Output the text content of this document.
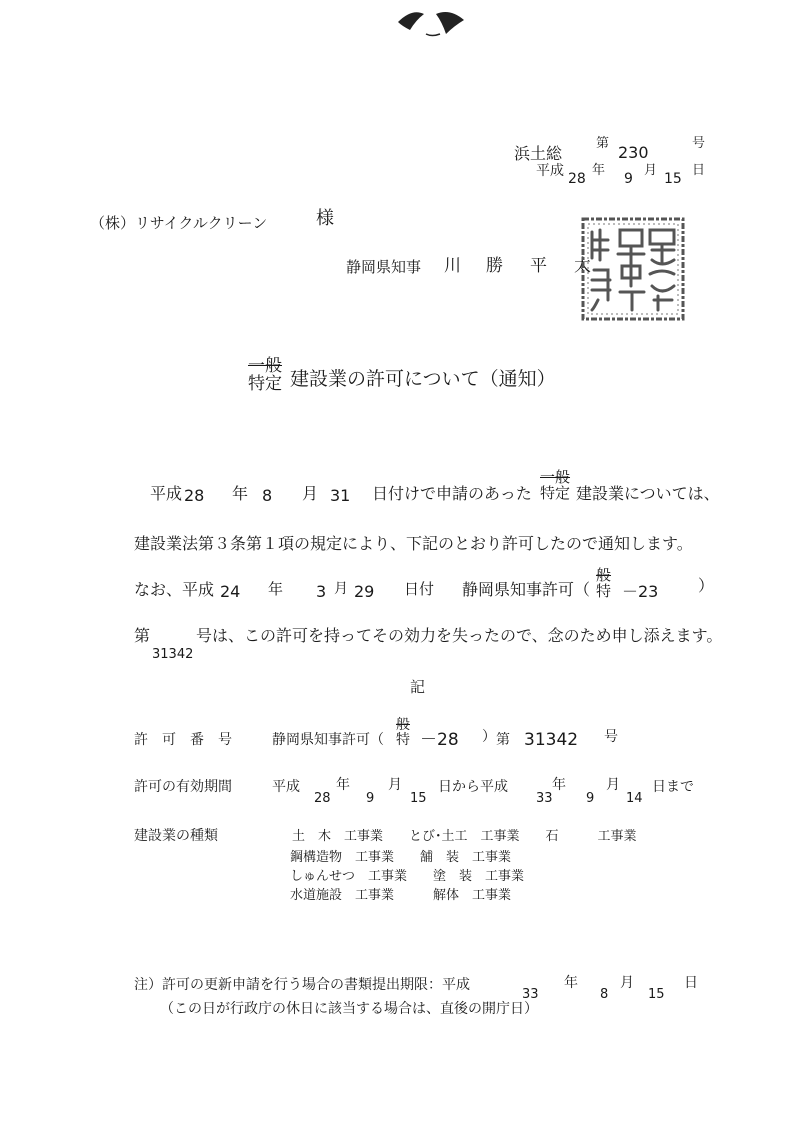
浜土総
第 230	号
平成 28
年
9
月
15
日
（株）リサイクルクリーン	様
静岡県知事 川 勝 平 太
一般
特定 建設業の許可について（通知）
平成 28 年 8 月 31 日付けで申請のあった
一般
特定 建設業については、
建設業法第３条第１項の規定により、下記のとおり許可したので通知します。
なお、平成 24 年 3 月 29 日付 静岡県知事許可（
般
特 －23 ）
第
31342
号は、この許可を持ってその効力を失ったので、念のため申し添えます。
記
許　可　番　号	静岡県知事許可（
般
特 －28 ） 第 31342 号
許可の有効期間	平成
28
年
9
月
15
日から平成
33
年
9
月
14
日まで
建設業の種類	土　木　工事業　　とび･土工　工事業　　石　　　工事業
鋼構造物　工事業　　舗　装　工事業
しゅんせつ　工事業　　塗　装　工事業
水道施設　工事業　　　解体　工事業
注）許可の更新申請を行う場合の書類提出期限：平成
33
年
8
月
15
日
（この日が行政庁の休日に該当する場合は、直後の開庁日）
